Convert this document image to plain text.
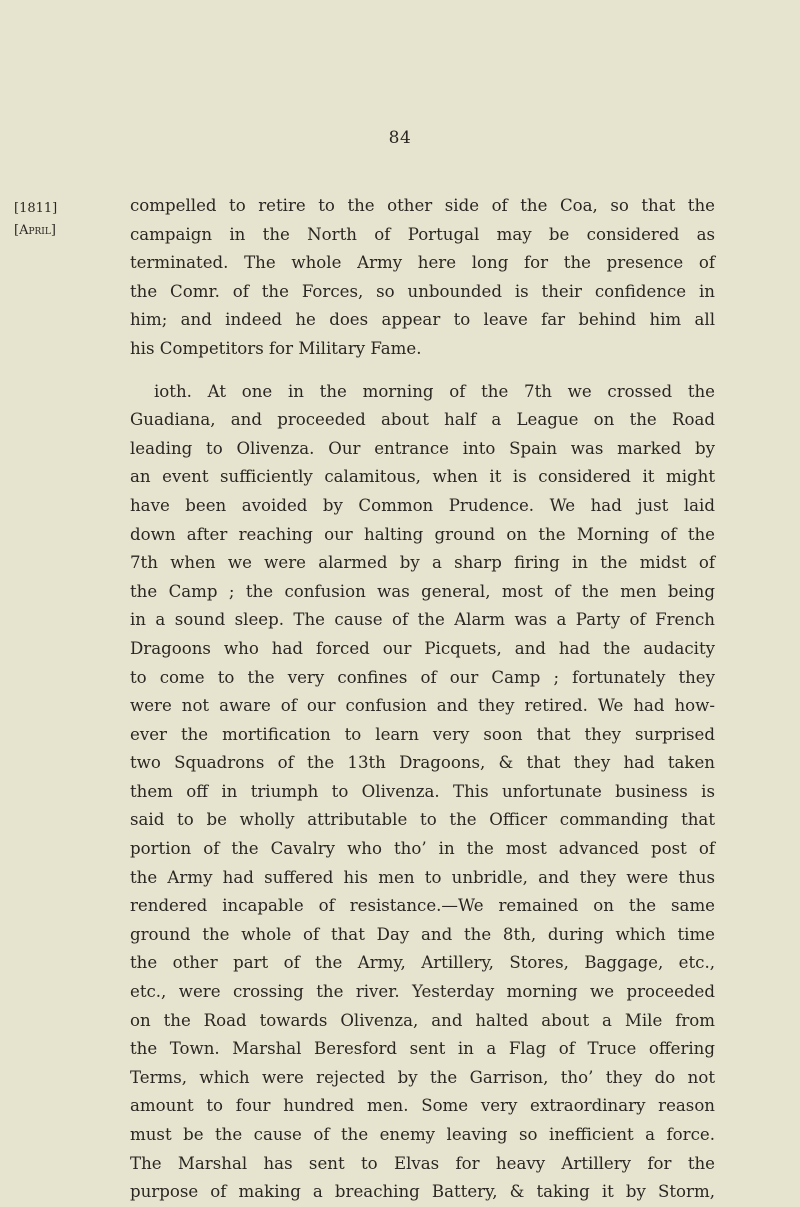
84
[1811]
[April]
compelled to retire to the other side of the Coa, so that the
campaign in the North of Portugal may be considered as
terminated. The whole Army here long for the presence of
the Comr. of the Forces, so unbounded is their confidence in
him; and indeed he does appear to leave far behind him all
his Competitors for Military Fame.
ioth. At one in the morning of the 7th we crossed the
Guadiana, and proceeded about half a League on the Road
leading to Olivenza. Our entrance into Spain was marked by
an event sufficiently calamitous, when it is considered it might
have been avoided by Common Prudence. We had just laid
down after reaching our halting ground on the Morning of the
7th when we were alarmed by a sharp firing in the midst of
the Camp ; the confusion was general, most of the men being
in a sound sleep. The cause of the Alarm was a Party of French
Dragoons who had forced our Picquets, and had the audacity
to come to the very confines of our Camp ; fortunately they
were not aware of our confusion and they retired. We had how-
ever the mortification to learn very soon that they surprised
two Squadrons of the 13th Dragoons, & that they had taken
them off in triumph to Olivenza. This unfortunate business is
said to be wholly attributable to the Officer commanding that
portion of the Cavalry who tho’ in the most advanced post of
the Army had suffered his men to unbridle, and they were thus
rendered incapable of resistance.—We remained on the same
ground the whole of that Day and the 8th, during which time
the other part of the Army, Artillery, Stores, Baggage, etc.,
etc., were crossing the river. Yesterday morning we proceeded
on the Road towards Olivenza, and halted about a Mile from
the Town. Marshal Beresford sent in a Flag of Truce offering
Terms, which were rejected by the Garrison, tho’ they do not
amount to four hundred men. Some very extraordinary reason
must be the cause of the enemy leaving so inefficient a force.
The Marshal has sent to Elvas for heavy Artillery for the
purpose of making a breaching Battery, & taking it by Storm,
